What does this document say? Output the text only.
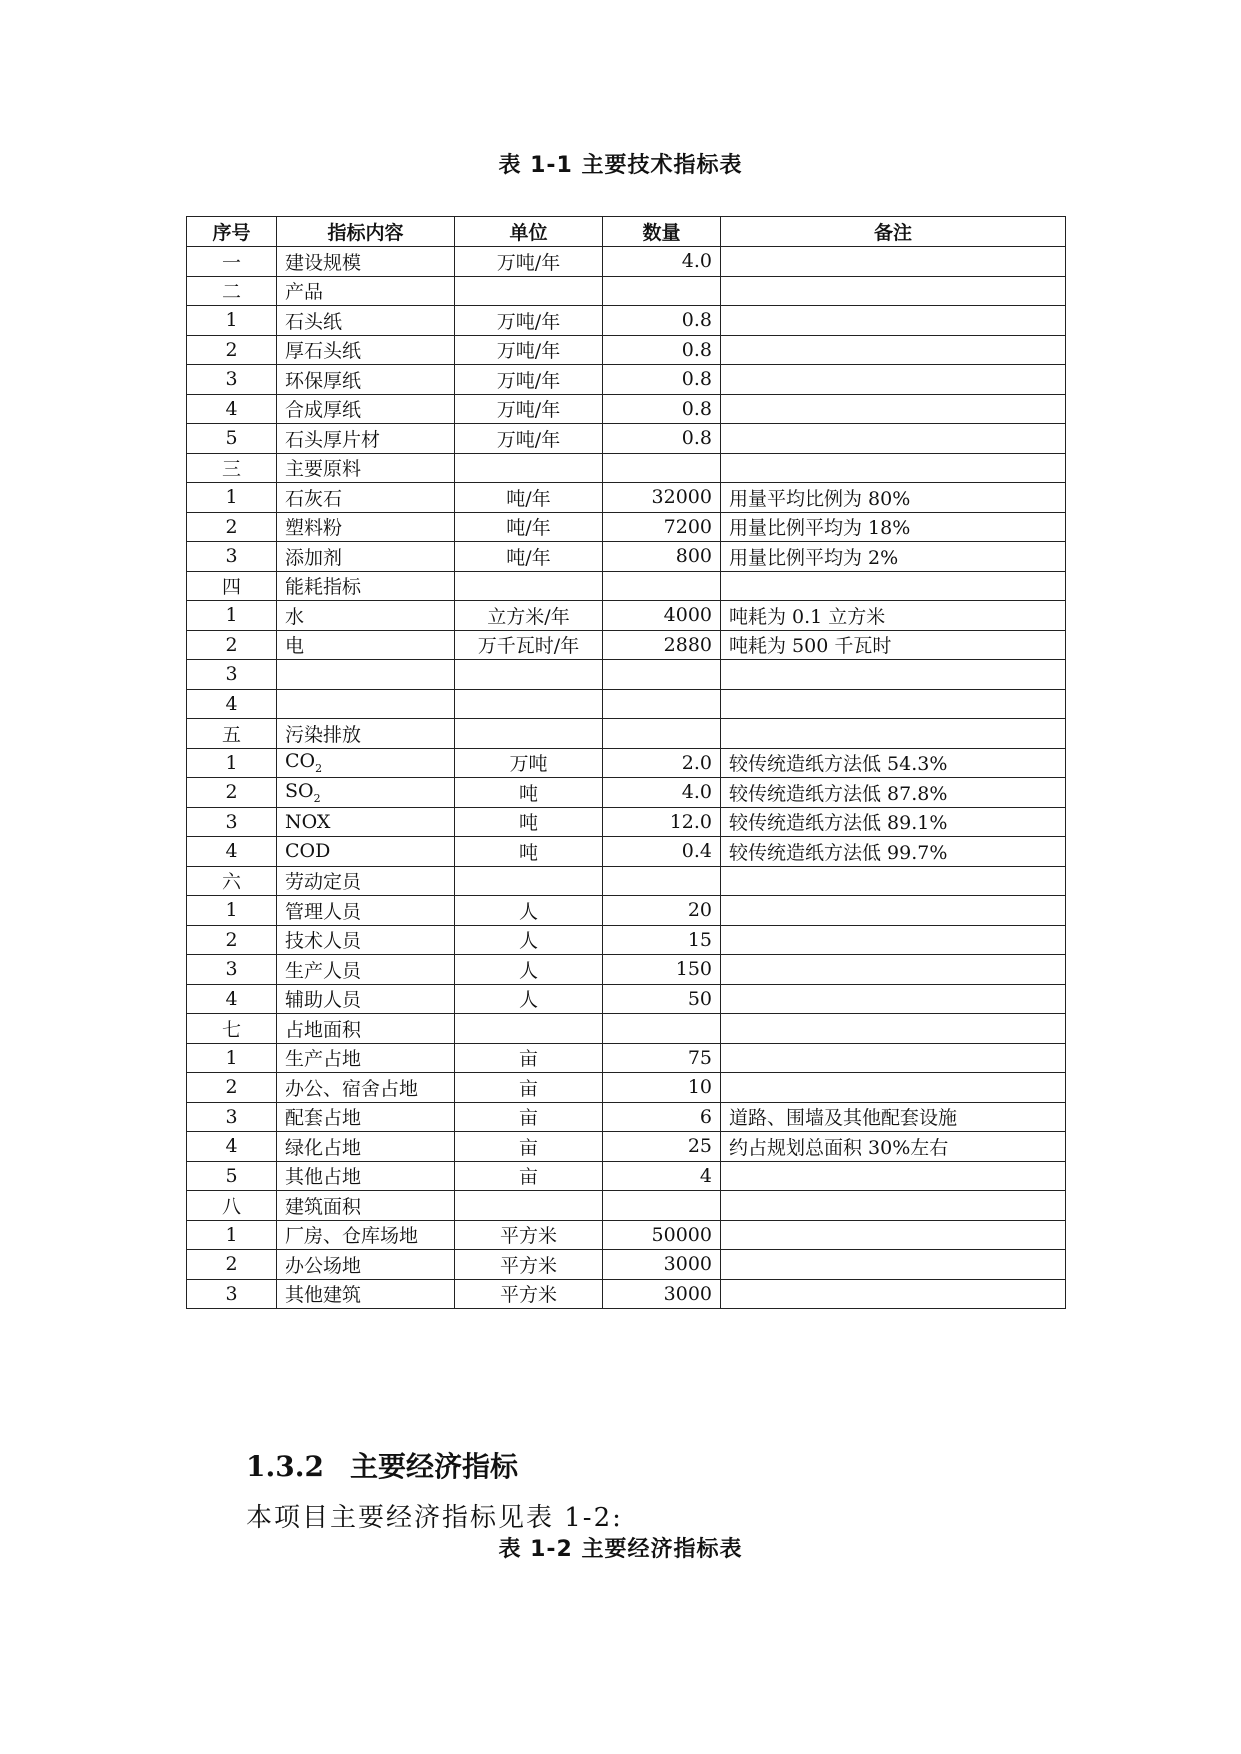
表 1-1 主要技术指标表
序号	指标内容	单位	数量	备注
一	建设规模	万吨/年	4.0	
二	产品			
1	石头纸	万吨/年	0.8	
2	厚石头纸	万吨/年	0.8	
3	环保厚纸	万吨/年	0.8	
4	合成厚纸	万吨/年	0.8	
5	石头厚片材	万吨/年	0.8	
三	主要原料			
1	石灰石	吨/年	32000	用量平均比例为 80%
2	塑料粉	吨/年	7200	用量比例平均为 18%
3	添加剂	吨/年	800	用量比例平均为 2%
四	能耗指标			
1	水	立方米/年	4000	吨耗为 0.1 立方米
2	电	万千瓦时/年	2880	吨耗为 500 千瓦时
3				
4				
五	污染排放			
1	$CO_2$	万吨	2.0	较传统造纸方法低 54.3%
2	$SO_2$	吨	4.0	较传统造纸方法低 87.8%
3	NOX	吨	12.0	较传统造纸方法低 89.1%
4	COD	吨	0.4	较传统造纸方法低 99.7%
六	劳动定员			
1	管理人员	人	20	
2	技术人员	人	15	
3	生产人员	人	150	
4	辅助人员	人	50	
七	占地面积			
1	生产占地	亩	75	
2	办公、宿舍占地	亩	10	
3	配套占地	亩	6	道路、围墙及其他配套设施
4	绿化占地	亩	25	约占规划总面积 30%左右
5	其他占地	亩	4	
八	建筑面积			
1	厂房、仓库场地	平方米	50000	
2	办公场地	平方米	3000	
3	其他建筑	平方米	3000	
1.3.2 主要经济指标
本项目主要经济指标见表 1-2:
表 1-2 主要经济指标表
